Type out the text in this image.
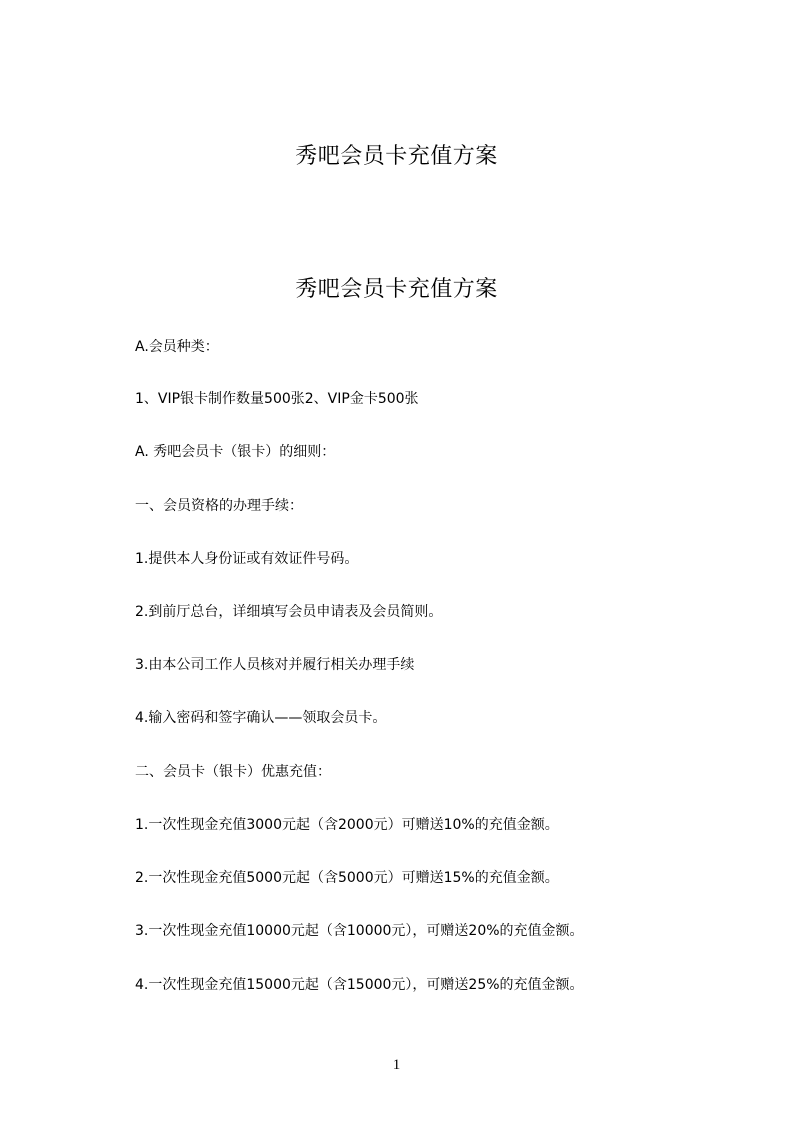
秀吧会员卡充值方案
秀吧会员卡充值方案

A.会员种类：

1、VIP银卡制作数量500张2、VIP金卡500张

A. 秀吧会员卡（银卡）的细则：

一、会员资格的办理手续：

1.提供本人身份证或有效证件号码。

2.到前厅总台，详细填写会员申请表及会员简则。

3.由本公司工作人员核对并履行相关办理手续

4.输入密码和签字确认——领取会员卡。

二、会员卡（银卡）优惠充值：

1.一次性现金充值3000元起（含2000元）可赠送10%的充值金额。

2.一次性现金充值5000元起（含5000元）可赠送15%的充值金额。

3.一次性现金充值10000元起（含10000元），可赠送20%的充值金额。

4.一次性现金充值15000元起（含15000元），可赠送25%的充值金额。

1
